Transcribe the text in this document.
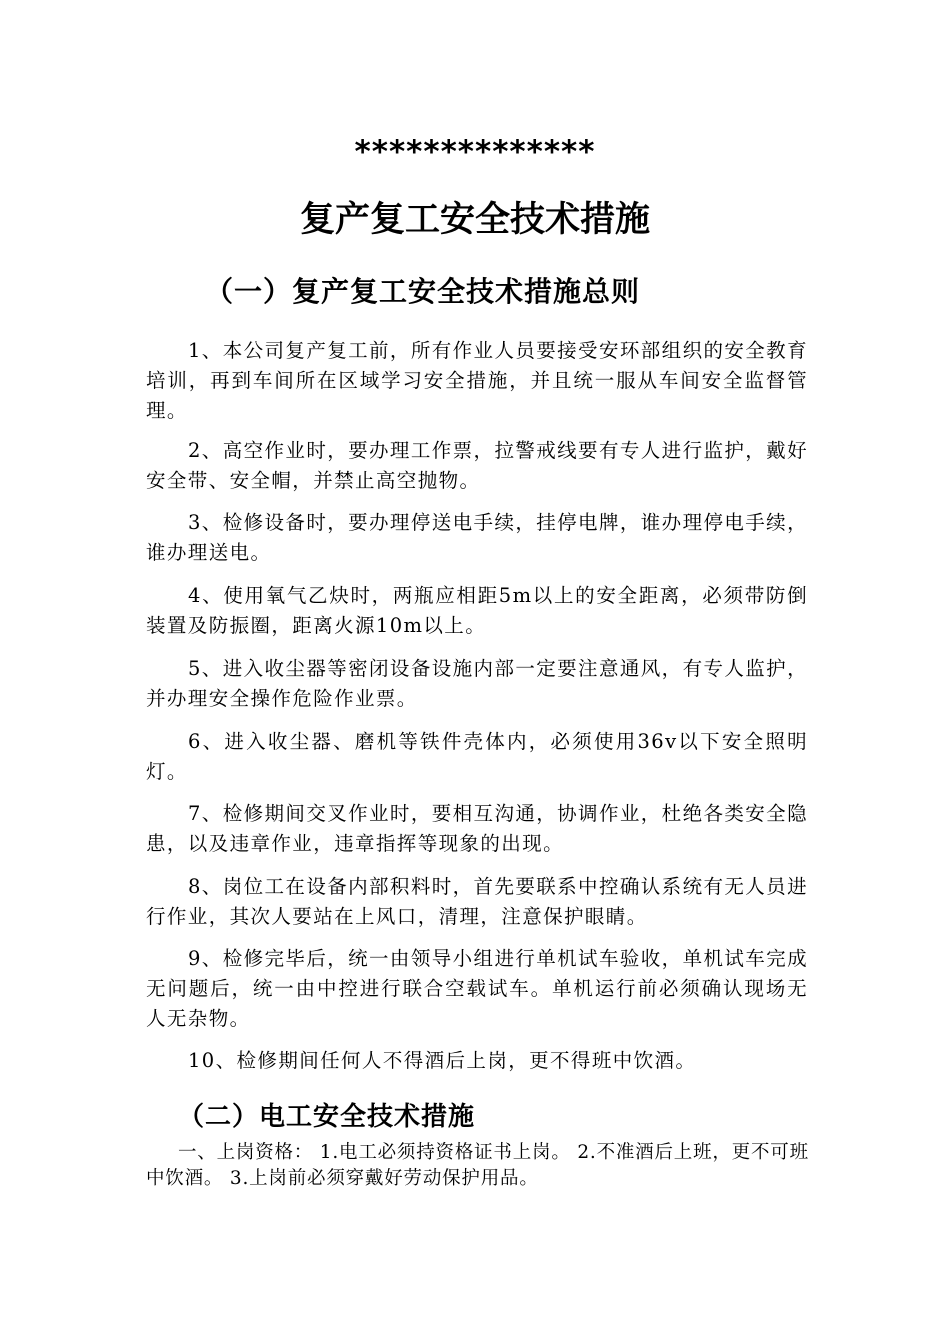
**************
复产复工安全技术措施
（一）复产复工安全技术措施总则
1、本公司复产复工前，所有作业人员要接受安环部组织的安全教育培训，再到车间所在区域学习安全措施，并且统一服从车间安全监督管理。
2、高空作业时，要办理工作票，拉警戒线要有专人进行监护，戴好安全带、安全帽，并禁止高空抛物。
3、检修设备时，要办理停送电手续，挂停电牌，谁办理停电手续，谁办理送电。
4、使用氧气乙炔时，两瓶应相距5m以上的安全距离，必须带防倒装置及防振圈，距离火源10m以上。
5、进入收尘器等密闭设备设施内部一定要注意通风，有专人监护，并办理安全操作危险作业票。
6、进入收尘器、磨机等铁件壳体内，必须使用36v以下安全照明灯。
7、检修期间交叉作业时，要相互沟通，协调作业，杜绝各类安全隐患，以及违章作业，违章指挥等现象的出现。
8、岗位工在设备内部积料时，首先要联系中控确认系统有无人员进行作业，其次人要站在上风口，清理，注意保护眼睛。
9、检修完毕后，统一由领导小组进行单机试车验收，单机试车完成无问题后，统一由中控进行联合空载试车。单机运行前必须确认现场无人无杂物。
10、检修期间任何人不得酒后上岗，更不得班中饮酒。
（二）电工安全技术措施
一、上岗资格： 1.电工必须持资格证书上岗。 2.不准酒后上班，更不可班中饮酒。 3.上岗前必须穿戴好劳动保护用品。
